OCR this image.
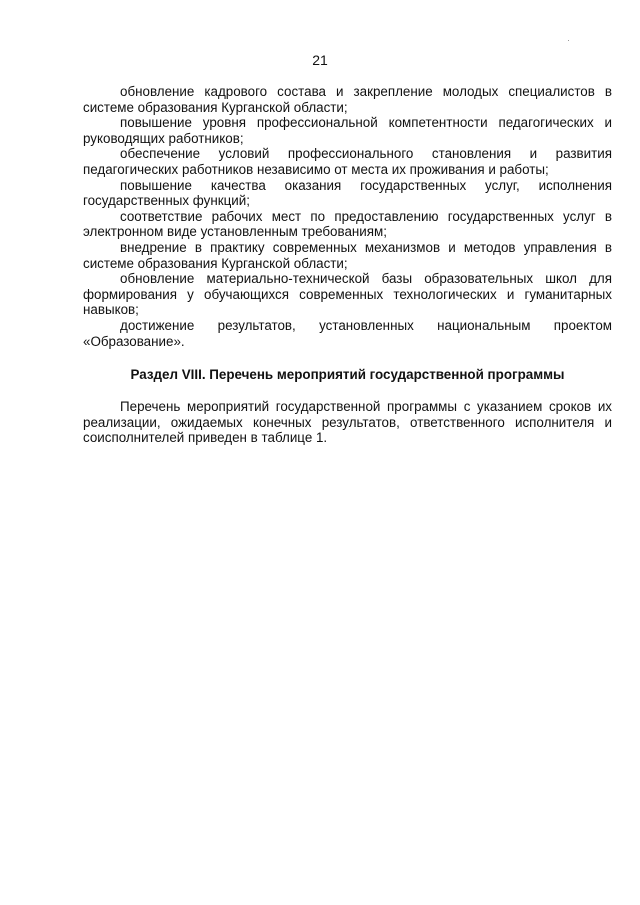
21

обновление кадрового состава и закрепление молодых специалистов в системе образования Курганской области;

повышение уровня профессиональной компетентности педагогических и руководящих работников;

обеспечение условий профессионального становления и развития педагогических работников независимо от места их проживания и работы;

повышение качества оказания государственных услуг, исполнения государственных функций;

соответствие рабочих мест по предоставлению государственных услуг в электронном виде установленным требованиям;

внедрение в практику современных механизмов и методов управления в системе образования Курганской области;

обновление материально-технической базы образовательных школ для формирования у обучающихся современных технологических и гуманитарных навыков;

достижение результатов, установленных национальным проектом «Образование».

Раздел VIII. Перечень мероприятий государственной программы

Перечень мероприятий государственной программы с указанием сроков их реализации, ожидаемых конечных результатов, ответственного исполнителя и соисполнителей приведен в таблице 1.
